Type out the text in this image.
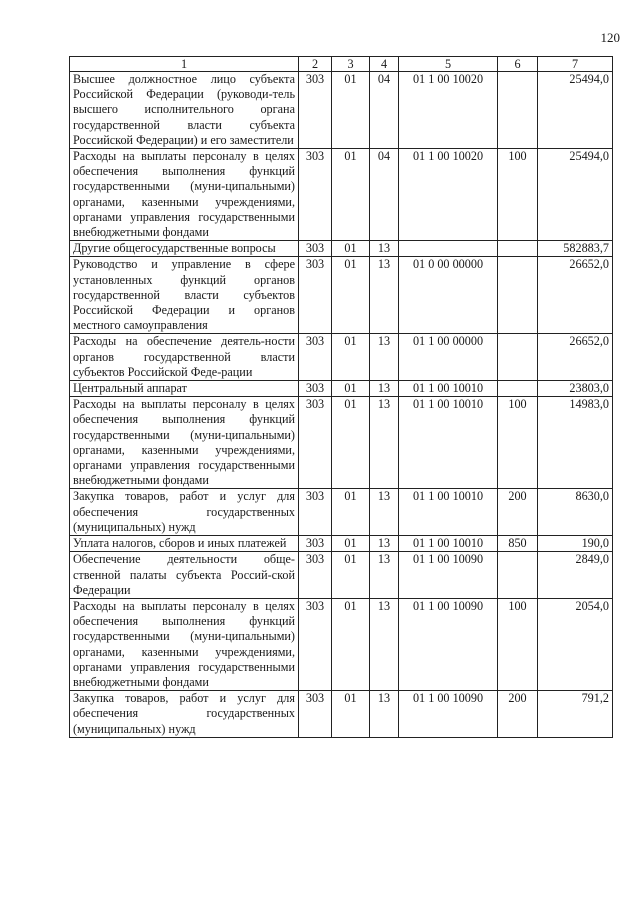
120
1	2	3	4	5	6	7
Высшее должностное лицо субъекта Российской Федерации (руководи-тель высшего исполнительного органа государственной власти субъекта Российской Федерации) и его заместители	303	01	04	01 1 00 10020		25494,0
Расходы на выплаты персоналу в целях обеспечения выполнения функций государственными (муни-ципальными) органами, казенными учреждениями, органами управления государственными внебюджетными фондами	303	01	04	01 1 00 10020	100	25494,0
Другие общегосударственные вопросы	303	01	13			582883,7
Руководство и управление в сфере установленных функций органов государственной власти субъектов Российской Федерации и органов местного самоуправления	303	01	13	01 0 00 00000		26652,0
Расходы на обеспечение деятель-ности органов государственной власти субъектов Российской Феде-рации	303	01	13	01 1 00 00000		26652,0
Центральный аппарат	303	01	13	01 1 00 10010		23803,0
Расходы на выплаты персоналу в целях обеспечения выполнения функций государственными (муни-ципальными) органами, казенными учреждениями, органами управления государственными внебюджетными фондами	303	01	13	01 1 00 10010	100	14983,0
Закупка товаров, работ и услуг для обеспечения государственных (муниципальных) нужд	303	01	13	01 1 00 10010	200	8630,0
Уплата налогов, сборов и иных платежей	303	01	13	01 1 00 10010	850	190,0
Обеспечение деятельности обще-ственной палаты субъекта Россий-ской Федерации	303	01	13	01 1 00 10090		2849,0
Расходы на выплаты персоналу в целях обеспечения выполнения функций государственными (муни-ципальными) органами, казенными учреждениями, органами управления государственными внебюджетными фондами	303	01	13	01 1 00 10090	100	2054,0
Закупка товаров, работ и услуг для обеспечения государственных (муниципальных) нужд	303	01	13	01 1 00 10090	200	791,2
